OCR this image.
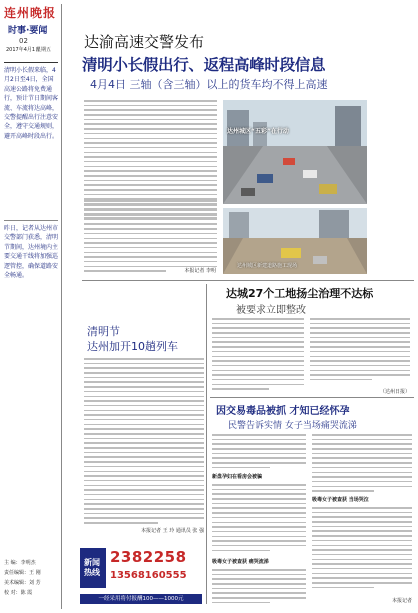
连州晚报
时事·要闻
02
2017年4月1日
星期五
清明小长假来临，4月2日至4日，全国高速公路将免费通行，预计节日期间客流、车流将达高峰，交警提醒出行注意安全，遵守交通规则，避开高峰时段出行。
昨日，记者从达州市交警部门获悉，清明节期间，达州境内主要交通干线将加强巡逻管控，确保道路安全畅通。
主 编：李明杰
责任编辑：王 刚
美术编辑：刘 芳
校 对：陈 霞
达渝高速交警发布
清明小长假出行、返程高峰时段信息
4月4日 三轴（含三轴）以上的货车均不得上高速
本报记者 李明
达州城区“五彩”在行动
达州城区新建道路施工现场
清明节
达州加开10趟列车
本报记者 王 玲 通讯员 张 强
达城27个工地扬尘治理不达标
被要求立即整改
（达州日报）
因交易毒品被抓 才知已经怀孕
民警告诉实情 女子当场痛哭流涕
新盘孕妇在看房会被骗
吸毒女子被查获 痛哭流涕
吸毒女子被查获 当场哭泣
本报记者
新闻热线
2382258
13568160555
一经采用将付报酬100——1000元
